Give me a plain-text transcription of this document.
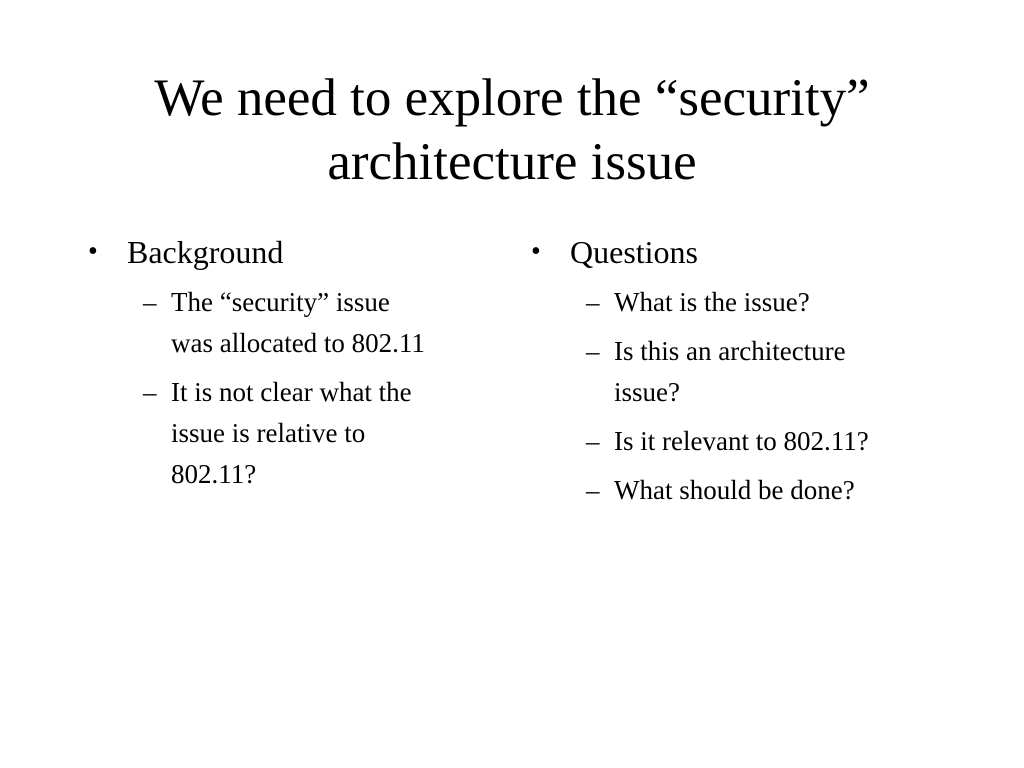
We need to explore the “security”
architecture issue
• Background
– The “security” issue
was allocated to 802.11
– It is not clear what the
issue is relative to
802.11?
• Questions
– What is the issue?
– Is this an architecture
issue?
– Is it relevant to 802.11?
– What should be done?
